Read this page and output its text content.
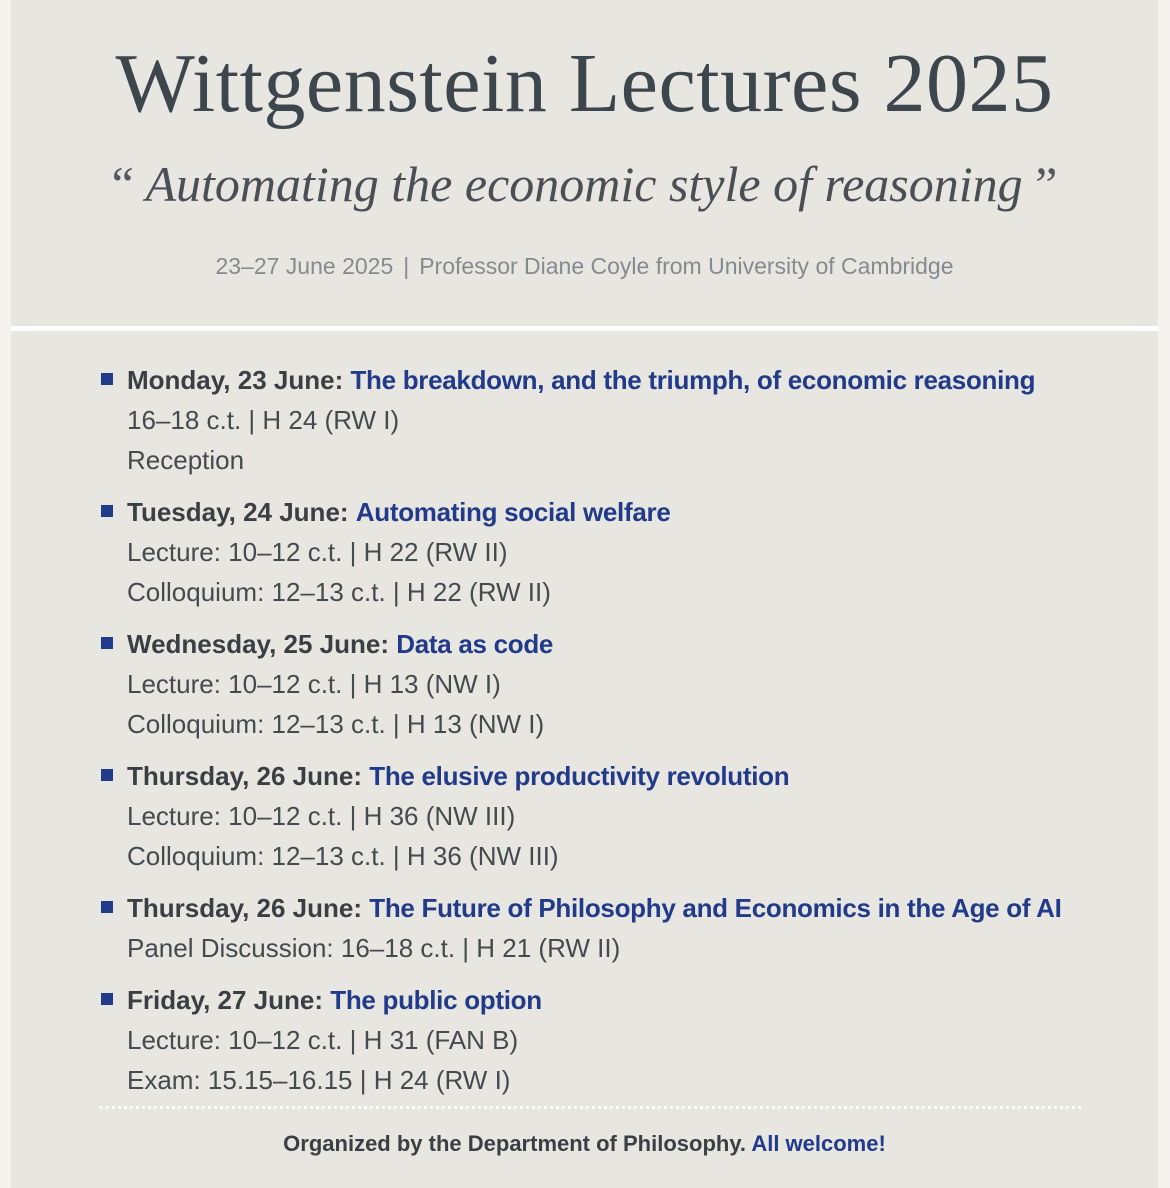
Wittgenstein Lectures 2025
“ Automating the economic style of reasoning ”
23–27 June 2025 | Professor Diane Coyle from University of Cambridge
Monday, 23 June: The breakdown, and the triumph, of economic reasoning
16–18 c.t. | H 24 (RW I)
Reception
Tuesday, 24 June: Automating social welfare
Lecture: 10–12 c.t. | H 22 (RW II)
Colloquium: 12–13 c.t. | H 22 (RW II)
Wednesday, 25 June: Data as code
Lecture: 10–12 c.t. | H 13 (NW I)
Colloquium: 12–13 c.t. | H 13 (NW I)
Thursday, 26 June: The elusive productivity revolution
Lecture: 10–12 c.t. | H 36 (NW III)
Colloquium: 12–13 c.t. | H 36 (NW III)
Thursday, 26 June: The Future of Philosophy and Economics in the Age of AI
Panel Discussion: 16–18 c.t. | H 21 (RW II)
Friday, 27 June: The public option
Lecture: 10–12 c.t. | H 31 (FAN B)
Exam: 15.15–16.15 | H 24 (RW I)
Organized by the Department of Philosophy. All welcome!
